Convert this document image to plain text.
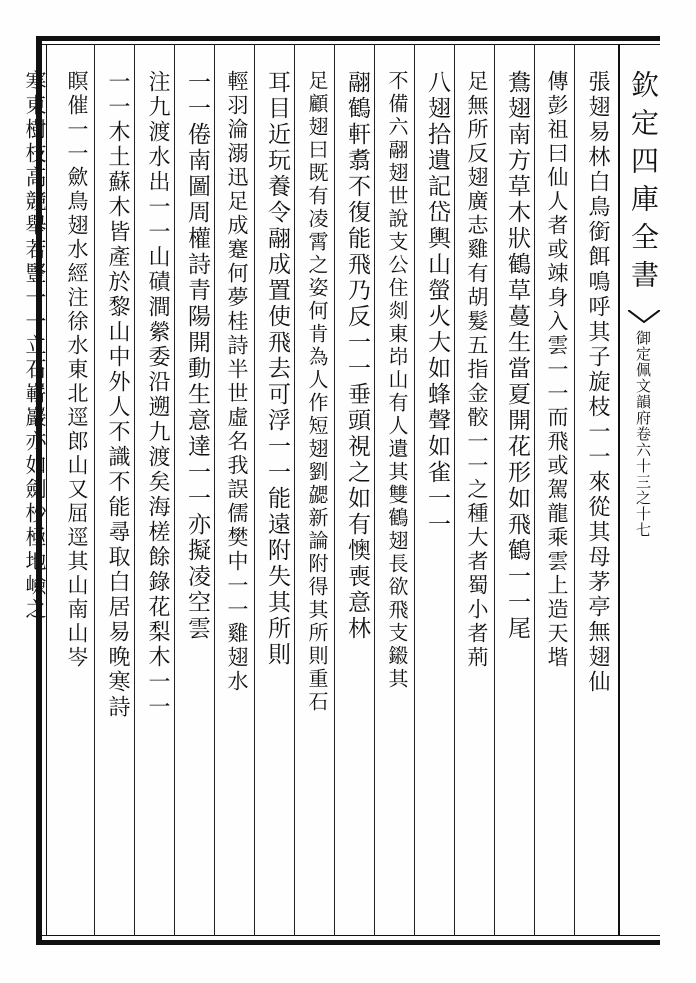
欽定四庫全書
御定佩文韻府卷六十三之十七
張翅易林白鳥銜餌鳴呼其子旋枝一一來從其母茅亭無翅仙
傳彭祖曰仙人者或竦身入雲一一而飛或駕龍乘雲上造天堦
鴦翅南方草木狀鶴草蔓生當夏開花形如飛鶴一一尾
足無所反翅廣志雞有胡髮五指金骹一一之種大者蜀小者荊
八翅拾遺記岱輿山螢火大如蜂聲如雀一一
不備六翮翅世說支公住剡東岇山有人遺其雙鶴翅長欲飛支鎩其
翮鶴軒翥不復能飛乃反一一垂頭視之如有懊喪意林
足顧翅曰既有凌霄之姿何肯為人作短翅劉勰新論附得其所則重石
耳目近玩養令翮成置使飛去可浮一一能遠附失其所則
輕羽淪溺迅足成蹇何夢桂詩半世虛名我誤儒樊中一一雞翅水
一一倦南圖周權詩青陽開動生意達一一亦擬凌空雲
注九渡水出一一山磧澗縈委沿遡九渡矣海槎餘錄花梨木一一
一一木土蘇木皆產於黎山中外人不識不能尋取白居易晚寒詩
瞑催一一歛鳥翅水經注徐水東北逕郎山又屈逕其山南山岑
寒東樹枝高競舉若豎一一立石嶄巖亦如劍杪極地嶮之
